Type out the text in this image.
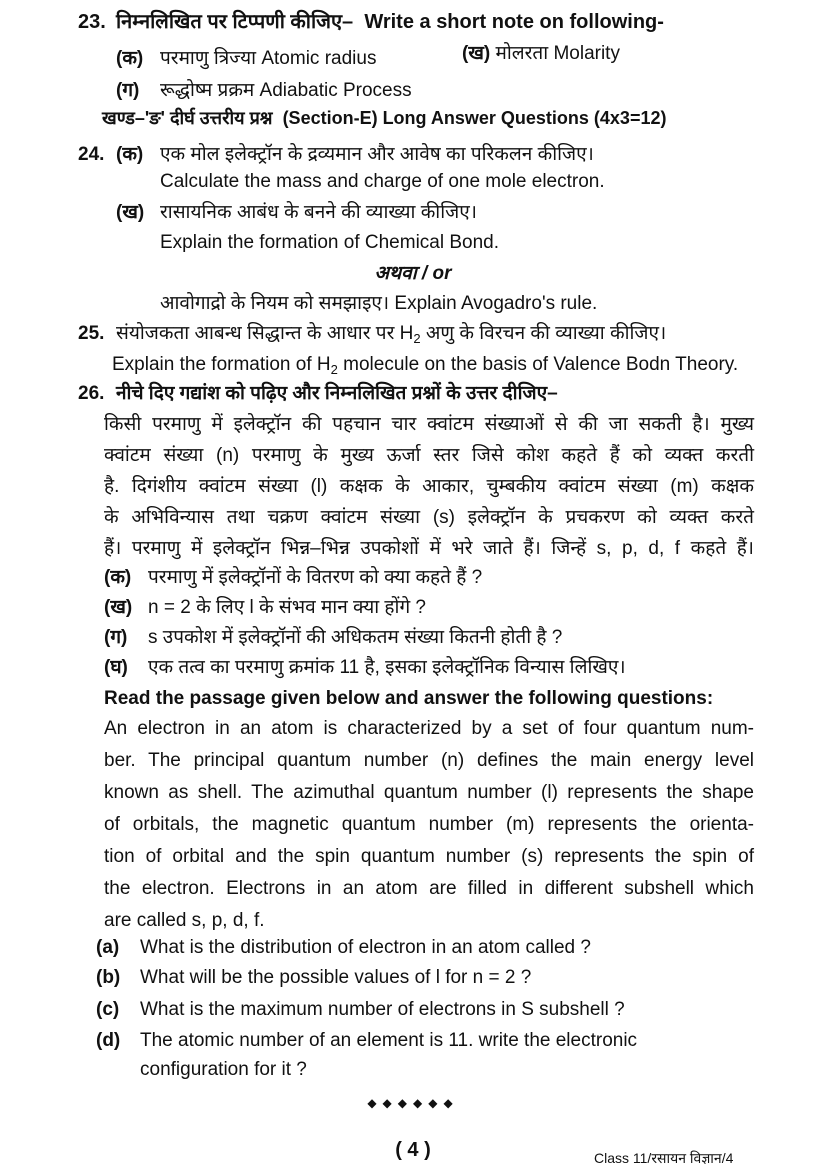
23. निम्नलिखित पर टिप्पणी कीजिए– Write a short note on following-
(क) परमाणु त्रिज्या Atomic radius	(ख) मोलरता Molarity
(ग) रूद्धोष्म प्रक्रम Adiabatic Process
खण्ड–'ङ' दीर्घ उत्तरीय प्रश्न (Section-E) Long Answer Questions (4x3=12)
24. (क) एक मोल इलेक्ट्रॉन के द्रव्यमान और आवेष का परिकलन कीजिए।
Calculate the mass and charge of one mole electron.
(ख) रासायनिक आबंध के बनने की व्याख्या कीजिए।
Explain the formation of Chemical Bond.
अथवा / or
आवोगाद्रो के नियम को समझाइए। Explain Avogadro's rule.
25. संयोजकता आबन्ध सिद्धान्त के आधार पर $H_2$ अणु के विरचन की व्याख्या कीजिए।
Explain the formation of $H_2$ molecule on the basis of Valence Bodn Theory.
26. नीचे दिए गद्यांश को पढ़िए और निम्नलिखित प्रश्नों के उत्तर दीजिए–
किसी परमाणु में इलेक्ट्रॉन की पहचान चार क्वांटम संख्याओं से की जा सकती है। मुख्य
क्वांटम संख्या (n) परमाणु के मुख्य ऊर्जा स्तर जिसे कोश कहते हैं को व्यक्त करती
है. दिगंशीय क्वांटम संख्या (l) कक्षक के आकार, चुम्बकीय क्वांटम संख्या (m) कक्षक
के अभिविन्यास तथा चक्रण क्वांटम संख्या (s) इलेक्ट्रॉन के प्रचकरण को व्यक्त करते
हैं। परमाणु में इलेक्ट्रॉन भिन्न–भिन्न उपकोशों में भरे जाते हैं। जिन्हें s, p, d, f कहते हैं।
(क) परमाणु में इलेक्ट्रॉनों के वितरण को क्या कहते हैं ?
(ख) n = 2 के लिए l के संभव मान क्या होंगे ?
(ग) s उपकोश में इलेक्ट्रॉनों की अधिकतम संख्या कितनी होती है ?
(घ) एक तत्व का परमाणु क्रमांक 11 है, इसका इलेक्ट्रॉनिक विन्यास लिखिए।
Read the passage given below and answer the following questions:
An electron in an atom is characterized by a set of four quantum num-
ber. The principal quantum number (n) defines the main energy level
known as shell. The azimuthal quantum number (l) represents the shape
of orbitals, the magnetic quantum number (m) represents the orienta-
tion of orbital and the spin quantum number (s) represents the spin of
the electron. Electrons in an atom are filled in different subshell which
are called s, p, d, f.
(a) What is the distribution of electron in an atom called ?
(b) What will be the possible values of l for n = 2 ?
(c) What is the maximum number of electrons in S subshell ?
(d) The atomic number of an element is 11. write the electronic
configuration for it ?
◆◆◆◆◆◆
( 4 )	Class 11/रसायन विज्ञान/4
